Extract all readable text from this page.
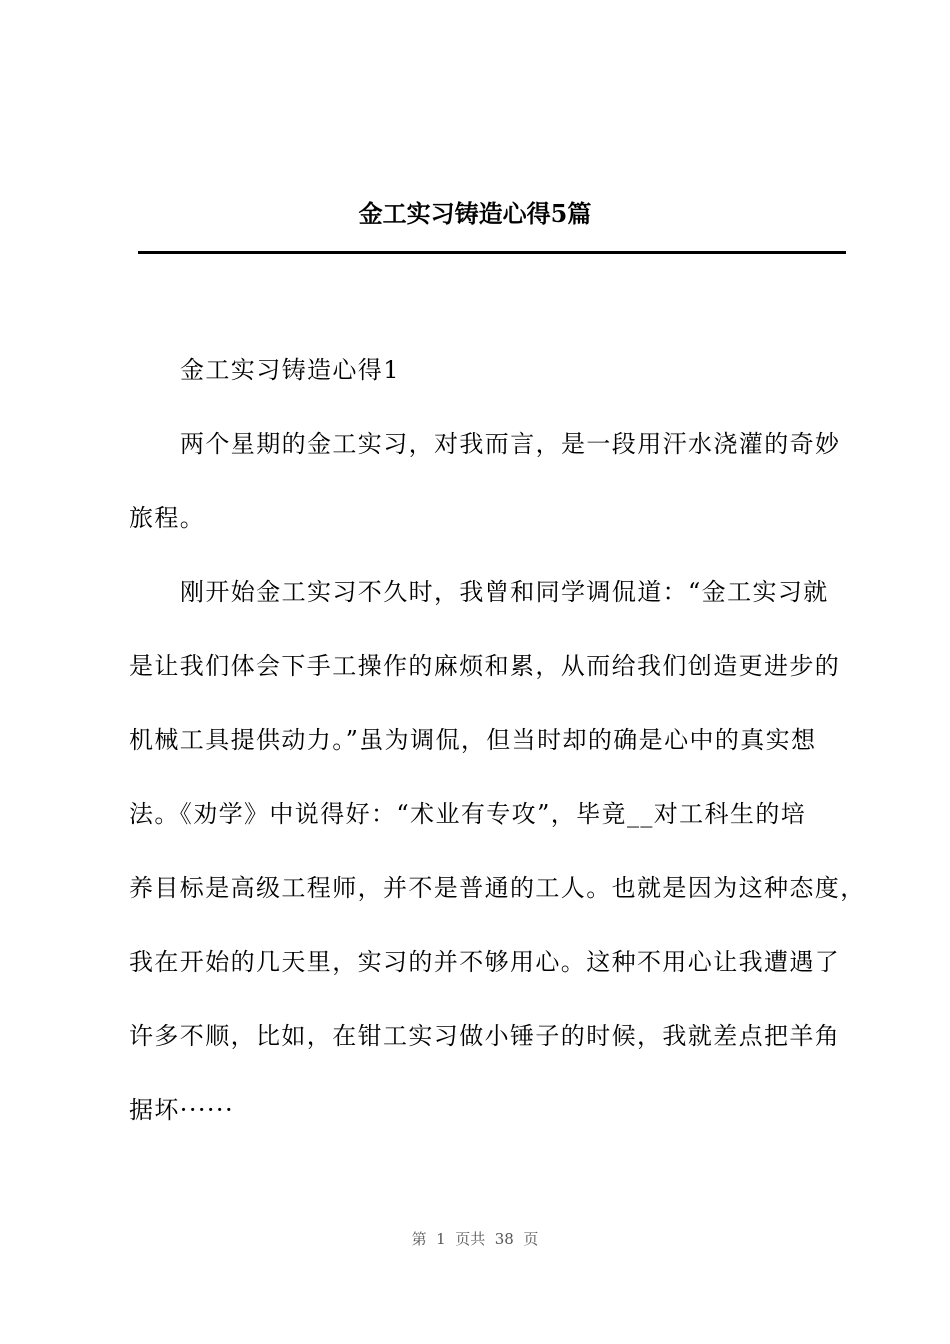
金工实习铸造心得5篇
金工实习铸造心得1
两个星期的金工实习，对我而言，是一段用汗水浇灌的奇妙
旅程。
刚开始金工实习不久时，我曾和同学调侃道：“金工实习就
是让我们体会下手工操作的麻烦和累，从而给我们创造更进步的
机械工具提供动力。”虽为调侃，但当时却的确是心中的真实想
法。《劝学》中说得好：“术业有专攻”，毕竟__对工科生的培
养目标是高级工程师，并不是普通的工人。也就是因为这种态度，
我在开始的几天里，实习的并不够用心。这种不用心让我遭遇了
许多不顺，比如，在钳工实习做小锤子的时候，我就差点把羊角
据坏······
第  1  页共  38  页
